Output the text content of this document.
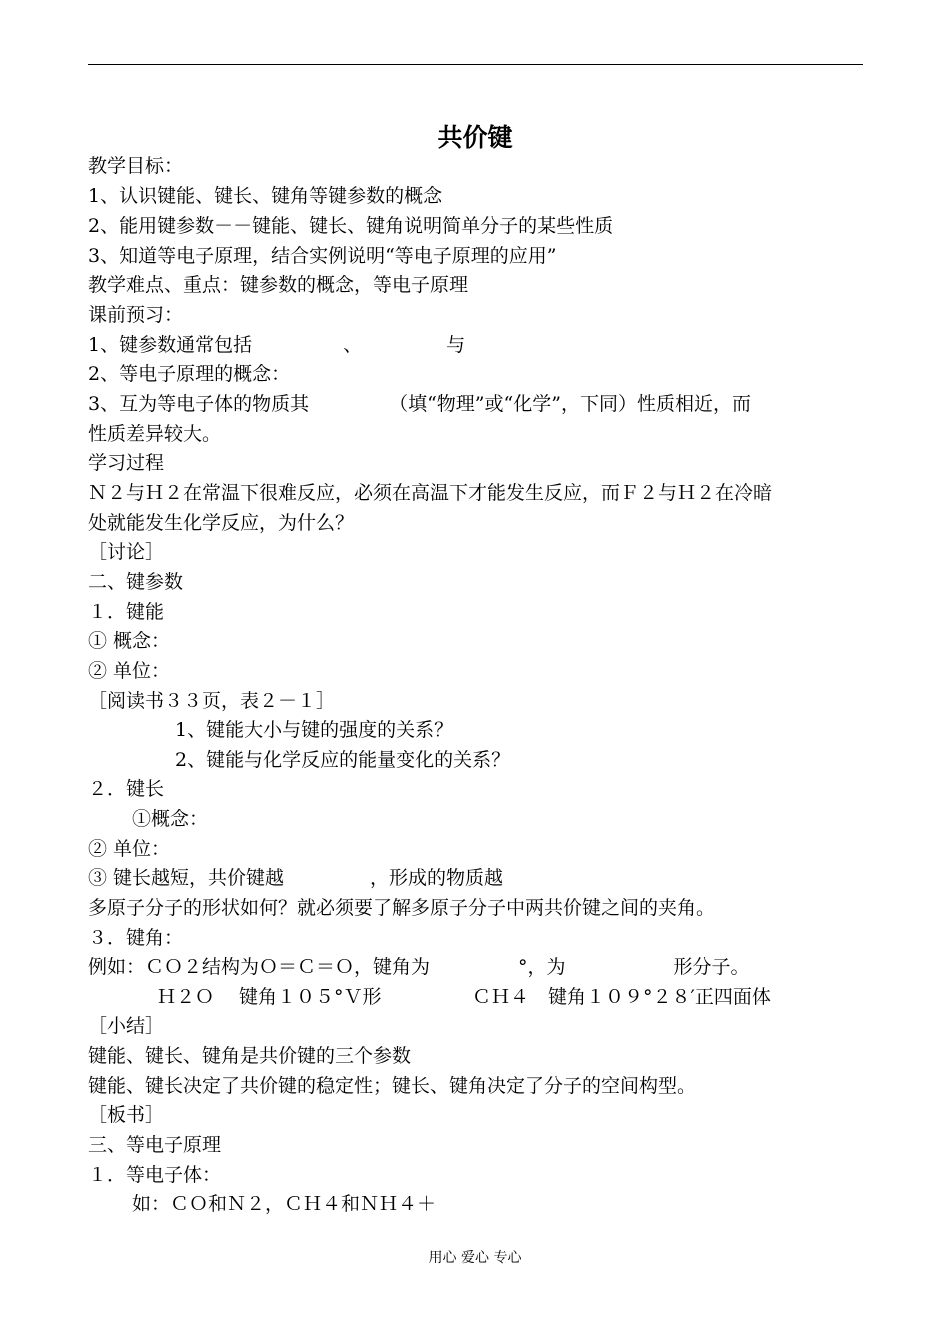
共价键
教学目标：
1、认识键能、键长、键角等键参数的概念
2、能用键参数－－键能、键长、键角说明简单分子的某些性质
3、知道等电子原理，结合实例说明“等电子原理的应用”
教学难点、重点：键参数的概念，等电子原理
课前预习：
1、键参数通常包括	、	与
2、等电子原理的概念：
3、互为等电子体的物质其	（填“物理”或“化学”，下同）性质相近，而
性质差异较大。
学习过程
Ｎ２与Ｈ２在常温下很难反应，必须在高温下才能发生反应，而Ｆ２与Ｈ２在冷暗
处就能发生化学反应，为什么？
［讨论］
二、键参数
１．键能
① 概念：
② 单位：
［阅读书３３页，表２－１］
1、键能大小与键的强度的关系？
2、键能与化学反应的能量变化的关系？
２．键长
①概念：
② 单位：
③ 键长越短，共价键越	，形成的物质越
多原子分子的形状如何？就必须要了解多原子分子中两共价键之间的夹角。
３．键角：
例如：ＣＯ２结构为Ｏ＝Ｃ＝Ｏ，键角为	°，为	形分子。
Ｈ２Ｏ　 键角１０５°Ｖ形	ＣＨ４　键角１０９°２８′正四面体
［小结］
键能、键长、键角是共价键的三个参数
键能、键长决定了共价键的稳定性；键长、键角决定了分子的空间构型。
［板书］
三、等电子原理
１．等电子体：
如：ＣＯ和Ｎ２，ＣＨ４和ＮＨ４＋
用心 爱心 专心
